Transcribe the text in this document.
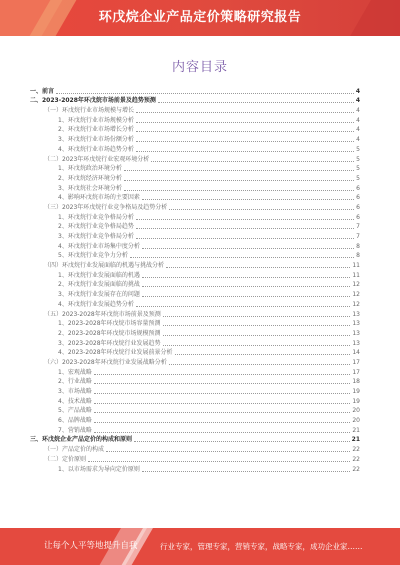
环戊烷企业产品定价策略研究报告
内容目录
一、前言	4
二、2023-2028年环戊烷市场前景及趋势预测	4
（一）环戊烷行业市场规模与增长	4
1、环戊烷行业市场规模分析	4
2、环戊烷行业市场增长分析	4
3、环戊烷行业市场份额分析	4
4、环戊烷行业市场趋势分析	5
（二）2023年环戊烷行业宏观环境分析	5
1、环戊烷政治环境分析	5
2、环戊烷经济环境分析	5
3、环戊烷社会环境分析	6
4、影响环戊烷市场的主要因素	6
（三）2023年环戊烷行业竞争格局及趋势分析	6
1、环戊烷行业竞争格局分析	6
2、环戊烷行业竞争格局趋势	7
3、环戊烷行业竞争格局分析	7
4、环戊烷行业市场集中度分析	8
5、环戊烷行业竞争力分析	8
（四）环戊烷行业发展面临的机遇与挑战分析	11
1、环戊烷行业发展面临的机遇	11
2、环戊烷行业发展面临的挑战	12
3、环戊烷行业发展存在的问题	12
4、环戊烷行业发展趋势分析	12
（五）2023-2028年环戊烷市场前景及预测	13
1、2023-2028年环戊烷市场容量预测	13
2、2023-2028年环戊烷市场规模预测	13
3、2023-2028年环戊烷行业发展趋势	13
4、2023-2028年环戊烷行业发展前景分析	14
（六）2023-2028年环戊烷行业发展战略分析	17
1、宏观战略	17
2、行业战略	18
3、市场战略	19
4、技术战略	19
5、产品战略	20
6、品牌战略	20
7、营销战略	21
三、环戊烷企业产品定价的构成和原则	21
（一）产品定价的构成	22
（二）定价原则	22
1、以市场需求为导向定价原则	22
让每个人平等地提升自我	行业专家，管理专家，营销专家，战略专家，成功企业家……
